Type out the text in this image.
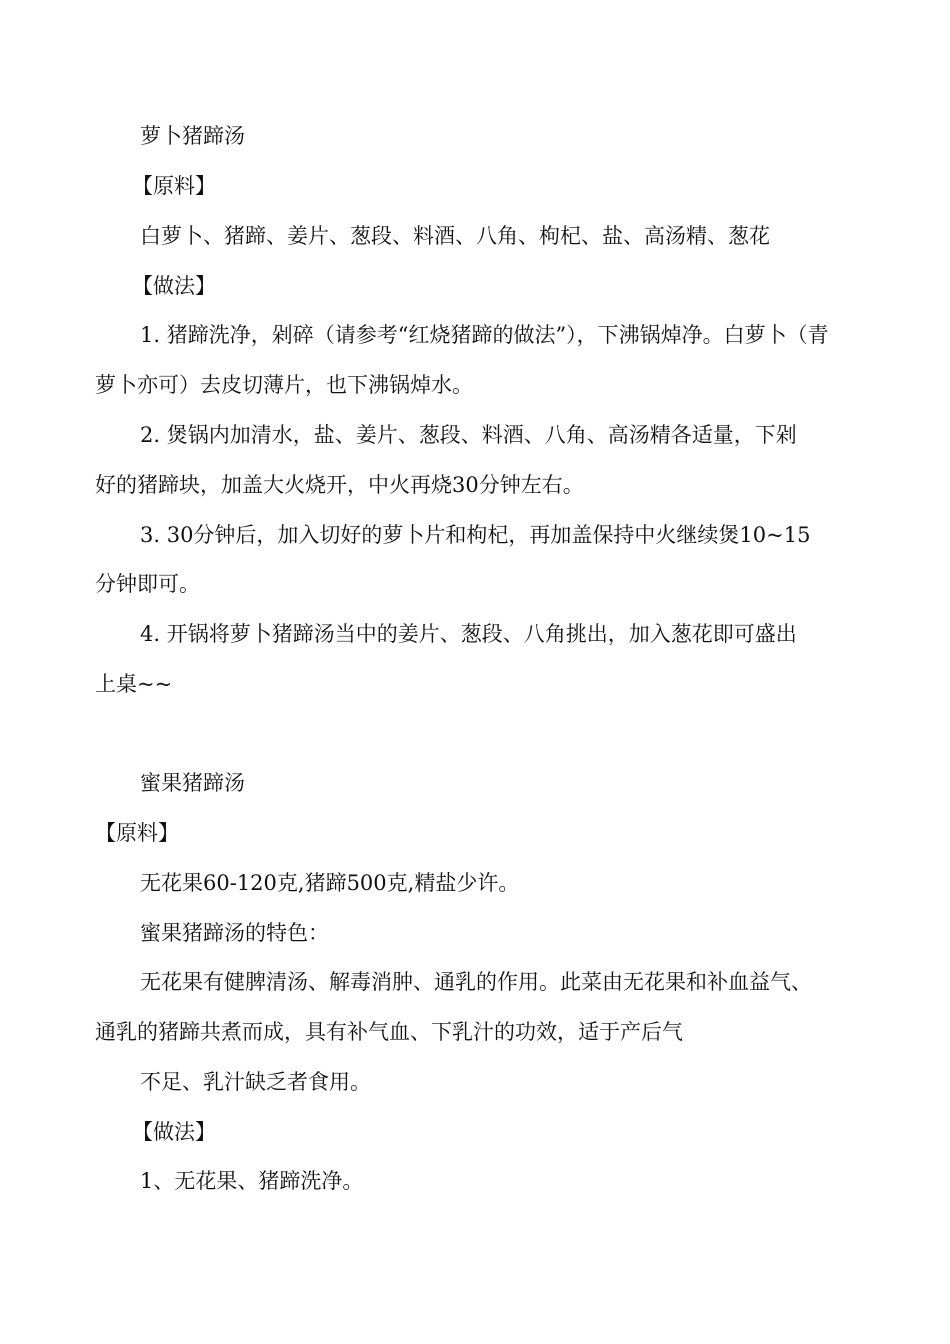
萝卜猪蹄汤
【原料】
白萝卜、猪蹄、姜片、葱段、料酒、八角、枸杞、盐、高汤精、葱花
【做法】
1. 猪蹄洗净，剁碎（请参考“红烧猪蹄的做法”），下沸锅焯净。白萝卜（青
萝卜亦可）去皮切薄片，也下沸锅焯水。
2. 煲锅内加清水，盐、姜片、葱段、料酒、八角、高汤精各适量，下剁
好的猪蹄块，加盖大火烧开，中火再烧30分钟左右。
3. 30分钟后，加入切好的萝卜片和枸杞，再加盖保持中火继续煲10~15
分钟即可。
4. 开锅将萝卜猪蹄汤当中的姜片、葱段、八角挑出，加入葱花即可盛出
上桌~~
蜜果猪蹄汤
【原料】
无花果60-120克,猪蹄500克,精盐少许。
蜜果猪蹄汤的特色：
无花果有健脾清汤、解毒消肿、通乳的作用。此菜由无花果和补血益气、
通乳的猪蹄共煮而成，具有补气血、下乳汁的功效，适于产后气
不足、乳汁缺乏者食用。
【做法】
1、无花果、猪蹄洗净。
